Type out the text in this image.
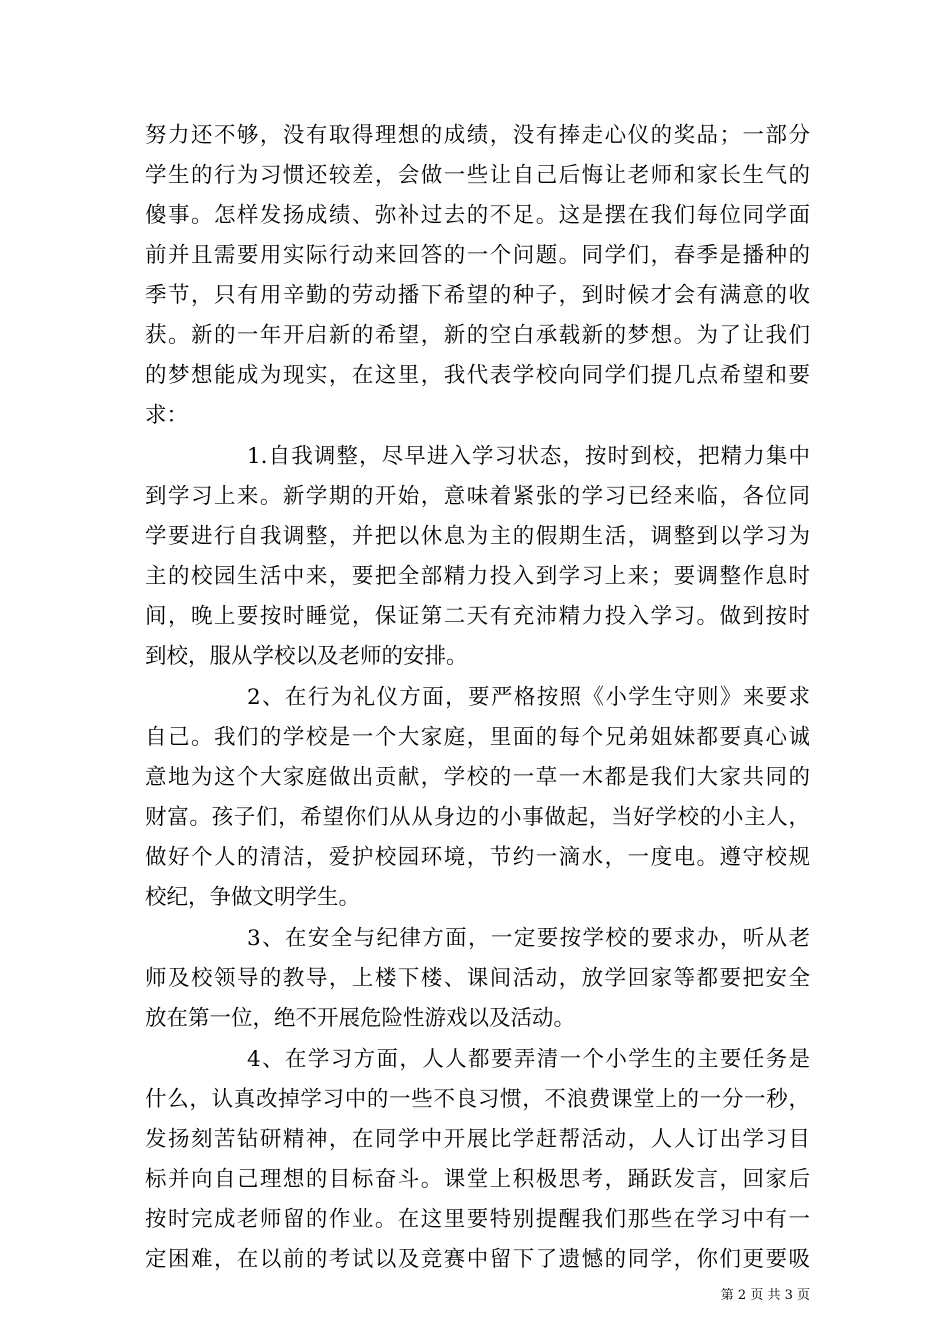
努力还不够，没有取得理想的成绩，没有捧走心仪的奖品；一部分
学生的行为习惯还较差，会做一些让自己后悔让老师和家长生气的
傻事。怎样发扬成绩、弥补过去的不足。这是摆在我们每位同学面
前并且需要用实际行动来回答的一个问题。同学们，春季是播种的
季节，只有用辛勤的劳动播下希望的种子，到时候才会有满意的收
获。新的一年开启新的希望，新的空白承载新的梦想。为了让我们
的梦想能成为现实，在这里，我代表学校向同学们提几点希望和要
求：
1.自我调整，尽早进入学习状态，按时到校，把精力集中
到学习上来。新学期的开始，意味着紧张的学习已经来临，各位同
学要进行自我调整，并把以休息为主的假期生活，调整到以学习为
主的校园生活中来，要把全部精力投入到学习上来；要调整作息时
间，晚上要按时睡觉，保证第二天有充沛精力投入学习。做到按时
到校，服从学校以及老师的安排。
2、在行为礼仪方面，要严格按照《小学生守则》来要求
自己。我们的学校是一个大家庭，里面的每个兄弟姐妹都要真心诚
意地为这个大家庭做出贡献，学校的一草一木都是我们大家共同的
财富。孩子们，希望你们从从身边的小事做起，当好学校的小主人，
做好个人的清洁，爱护校园环境，节约一滴水，一度电。遵守校规
校纪，争做文明学生。
3、在安全与纪律方面，一定要按学校的要求办，听从老
师及校领导的教导，上楼下楼、课间活动，放学回家等都要把安全
放在第一位，绝不开展危险性游戏以及活动。
4、在学习方面，人人都要弄清一个小学生的主要任务是
什么，认真改掉学习中的一些不良习惯，不浪费课堂上的一分一秒，
发扬刻苦钻研精神，在同学中开展比学赶帮活动，人人订出学习目
标并向自己理想的目标奋斗。课堂上积极思考，踊跃发言，回家后
按时完成老师留的作业。在这里要特别提醒我们那些在学习中有一
定困难，在以前的考试以及竞赛中留下了遗憾的同学，你们更要吸
第 2 页 共 3 页
